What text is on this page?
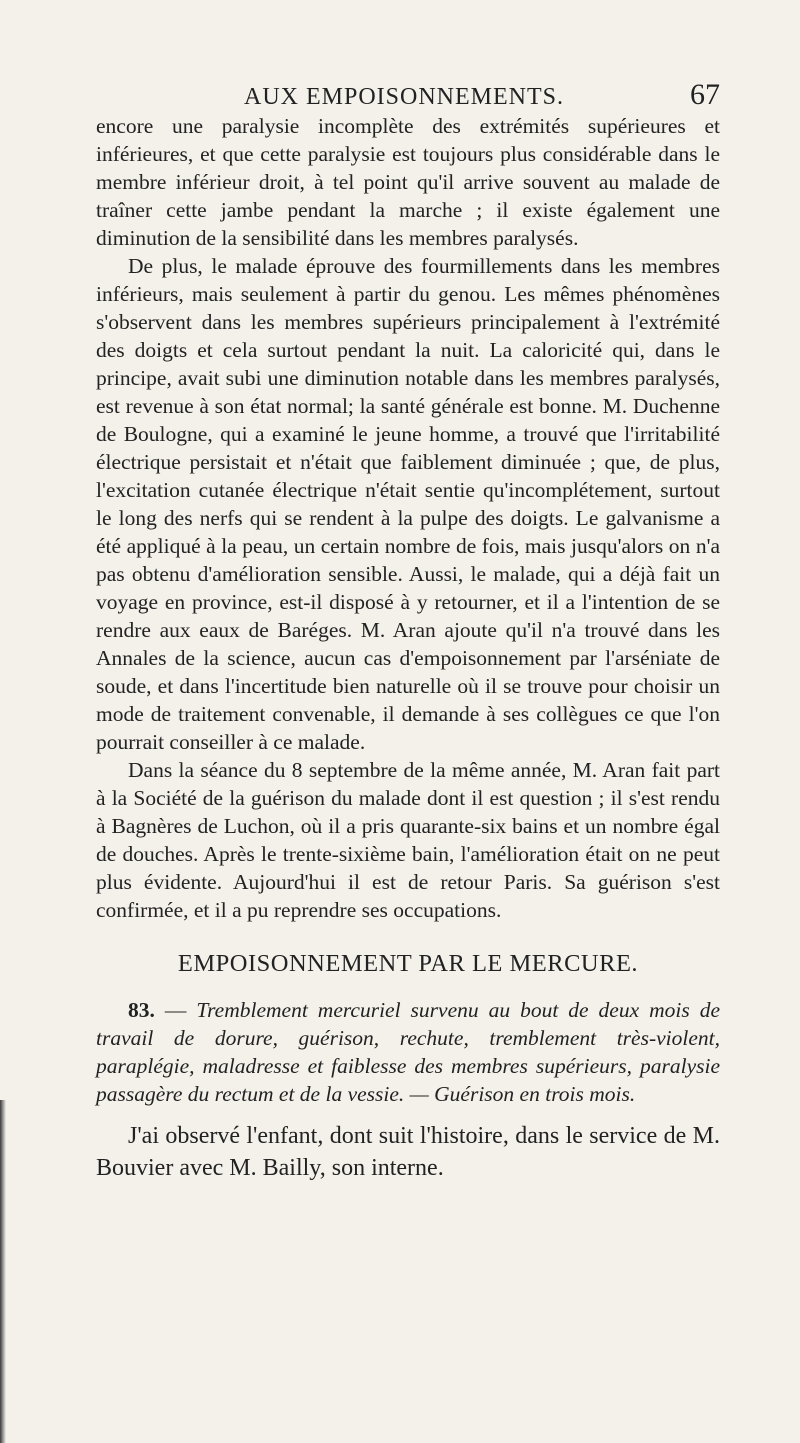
AUX EMPOISONNEMENTS.	67

encore une paralysie incomplète des extrémités supérieures et inférieures, et que cette paralysie est toujours plus considérable dans le membre inférieur droit, à tel point qu'il arrive souvent au malade de traîner cette jambe pendant la marche ; il existe également une diminution de la sensibilité dans les membres paralysés.

De plus, le malade éprouve des fourmillements dans les membres inférieurs, mais seulement à partir du genou. Les mêmes phénomènes s'observent dans les membres supérieurs principalement à l'extrémité des doigts et cela surtout pendant la nuit. La caloricité qui, dans le principe, avait subi une diminution notable dans les membres paralysés, est revenue à son état normal; la santé générale est bonne. M. Duchenne de Boulogne, qui a examiné le jeune homme, a trouvé que l'irritabilité électrique persistait et n'était que faiblement diminuée ; que, de plus, l'excitation cutanée électrique n'était sentie qu'incomplétement, surtout le long des nerfs qui se rendent à la pulpe des doigts. Le galvanisme a été appliqué à la peau, un certain nombre de fois, mais jusqu'alors on n'a pas obtenu d'amélioration sensible. Aussi, le malade, qui a déjà fait un voyage en province, est-il disposé à y retourner, et il a l'intention de se rendre aux eaux de Baréges. M. Aran ajoute qu'il n'a trouvé dans les Annales de la science, aucun cas d'empoisonnement par l'arséniate de soude, et dans l'incertitude bien naturelle où il se trouve pour choisir un mode de traitement convenable, il demande à ses collègues ce que l'on pourrait conseiller à ce malade.

Dans la séance du 8 septembre de la même année, M. Aran fait part à la Société de la guérison du malade dont il est question ; il s'est rendu à Bagnères de Luchon, où il a pris quarante-six bains et un nombre égal de douches. Après le trente-sixième bain, l'amélioration était on ne peut plus évidente. Aujourd'hui il est de retour Paris. Sa guérison s'est confirmée, et il a pu reprendre ses occupations.

EMPOISONNEMENT PAR LE MERCURE.

83. — Tremblement mercuriel survenu au bout de deux mois de travail de dorure, guérison, rechute, tremblement très-violent, paraplégie, maladresse et faiblesse des membres supérieurs, paralysie passagère du rectum et de la vessie. — Guérison en trois mois.

J'ai observé l'enfant, dont suit l'histoire, dans le service de M. Bouvier avec M. Bailly, son interne.
